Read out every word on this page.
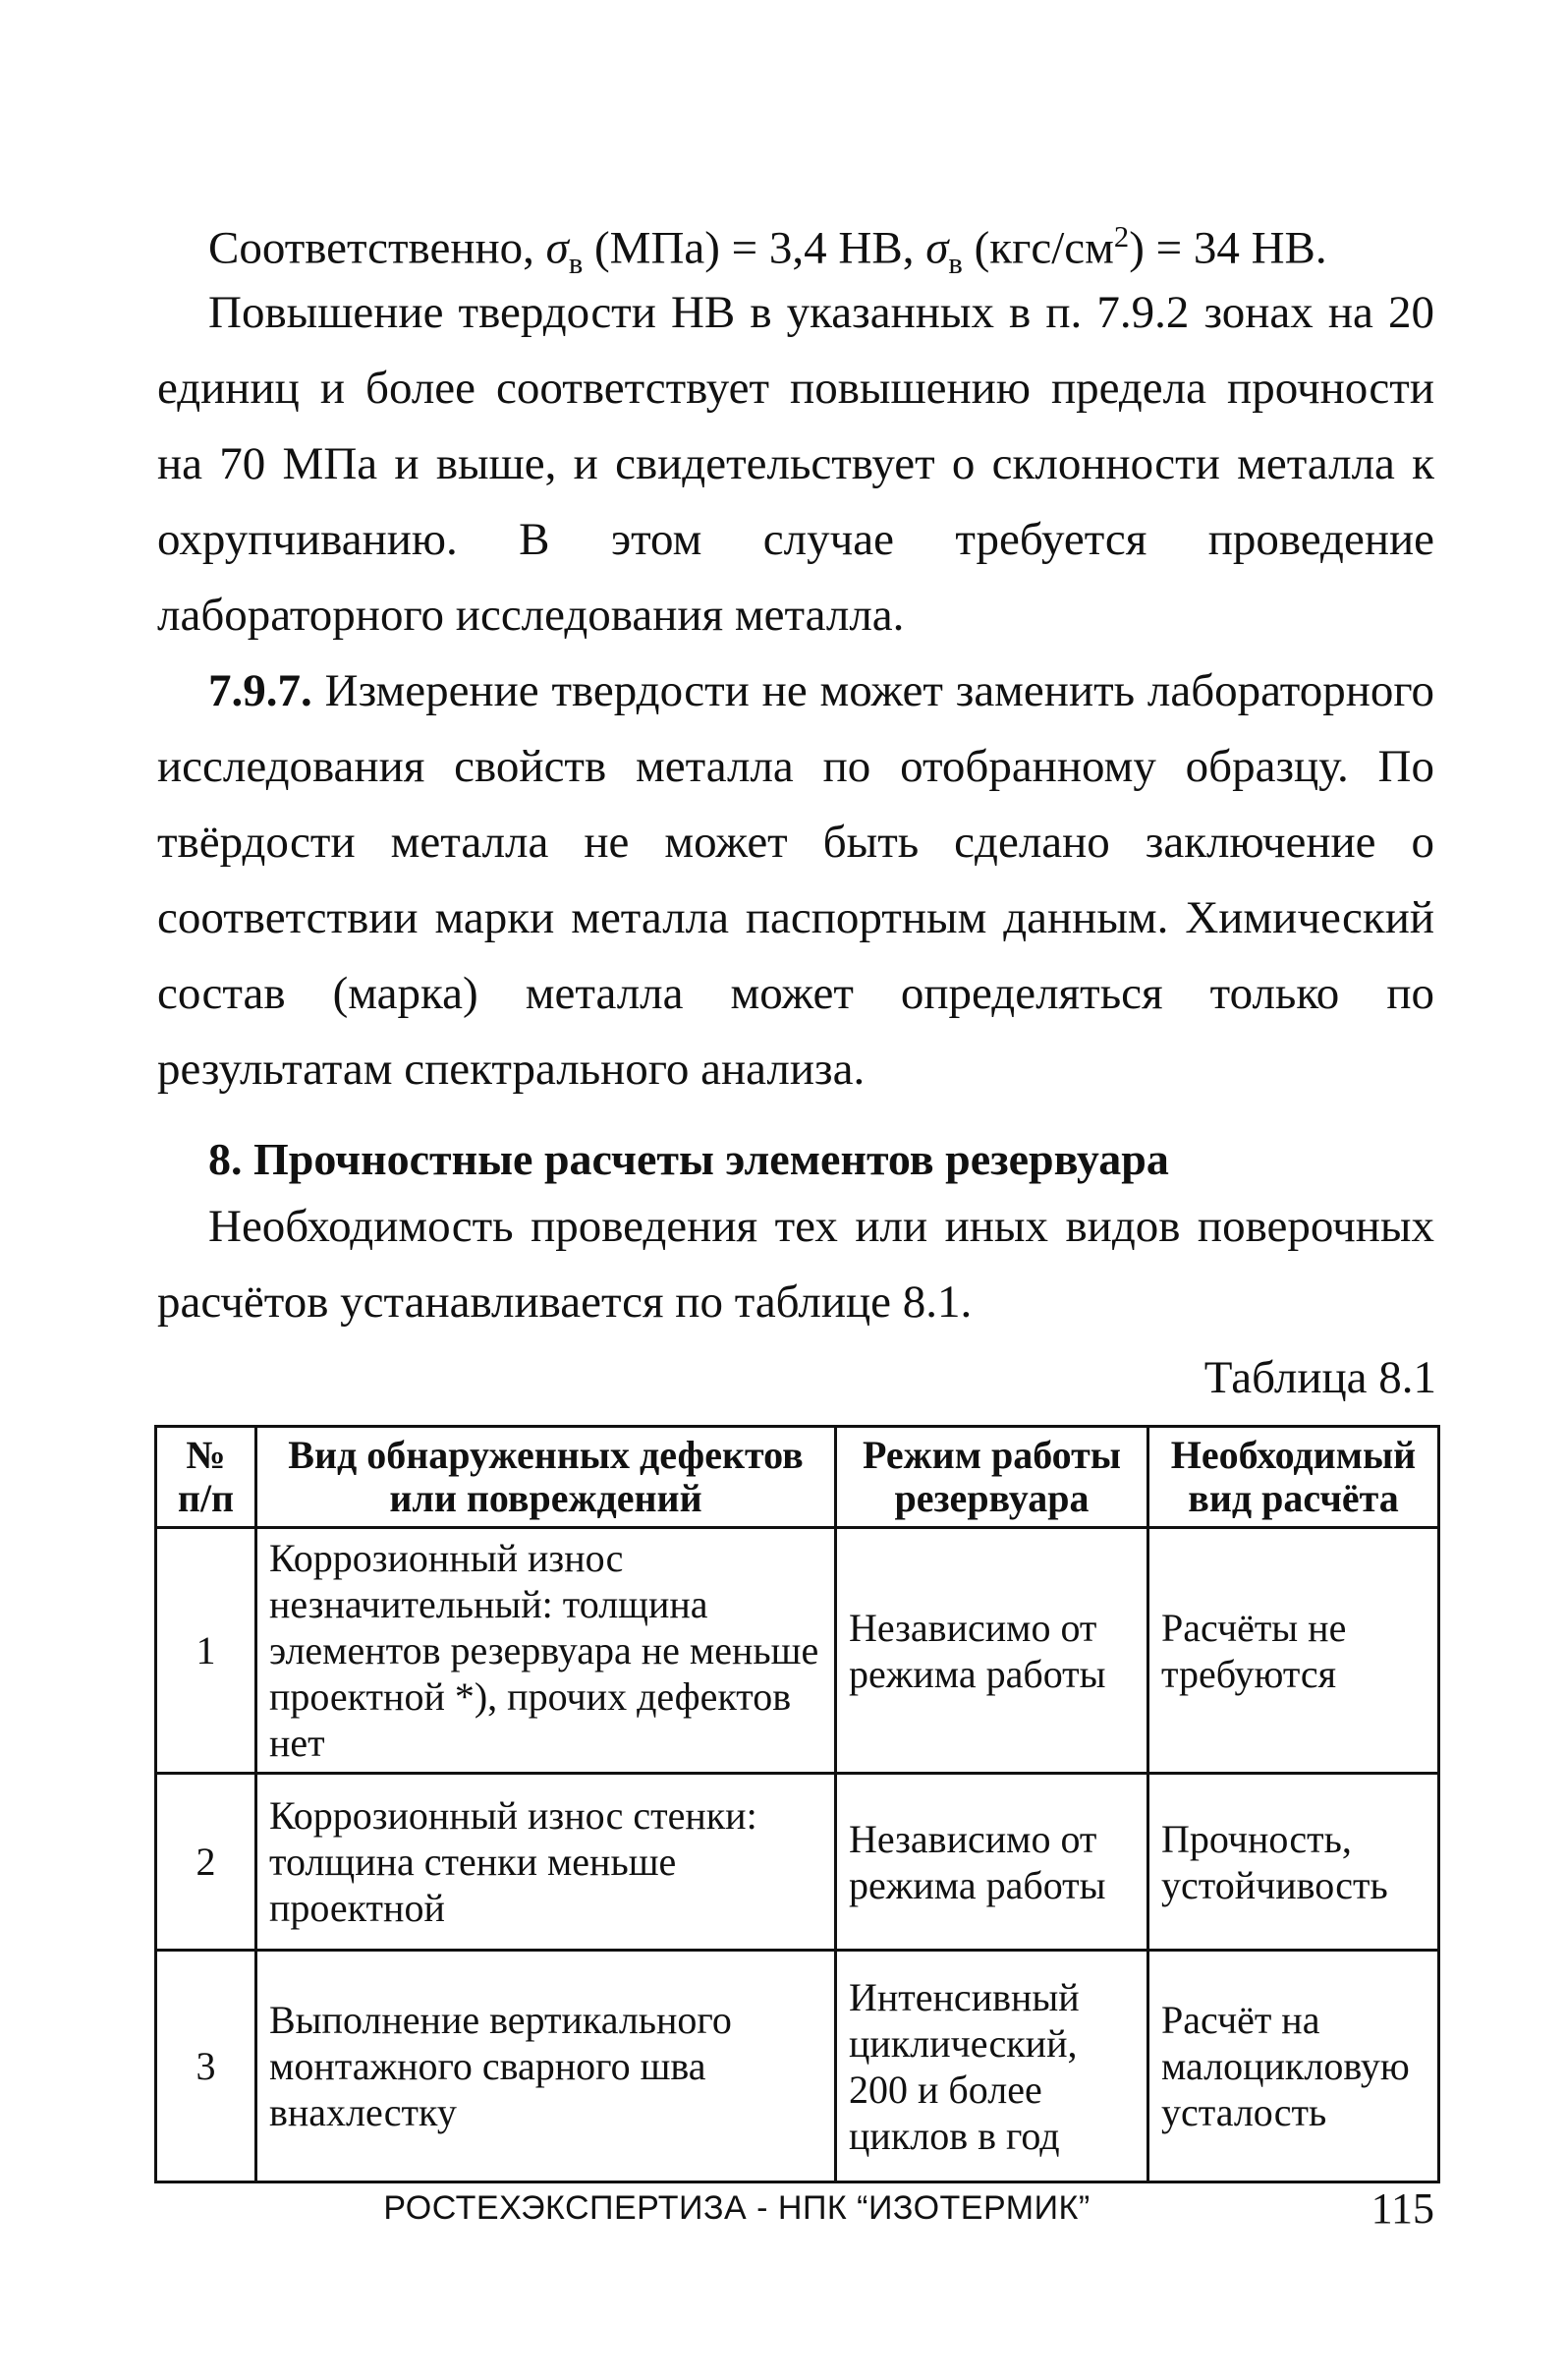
Соответственно, $\sigma_в$ (МПа) = 3,4 НВ, $\sigma_в$ $(кгс/см^2) = 34$ НВ.
Повышение твердости НВ в указанных в п. 7.9.2 зонах на 20 единиц и более соответствует повышению предела прочности на 70 МПа и выше, и свидетельствует о склонности металла к охрупчиванию. В этом случае требуется проведение лабораторного исследования металла.
7.9.7. Измерение твердости не может заменить лабораторного исследования свойств металла по отобранному образцу. По твёрдости металла не может быть сделано заключение о соответствии марки металла паспортным данным. Химический состав (марка) металла может определяться только по результатам спектрального анализа.
8. Прочностные расчеты элементов резервуара
Необходимость проведения тех или иных видов поверочных расчётов устанавливается по таблице 8.1.
Таблица 8.1
№ п/п	Вид обнаруженных дефектов или повреждений	Режим работы резервуара	Необходимый вид расчёта
1	Коррозионный износ незначительный: толщина элементов резервуара не меньше проектной *), прочих дефектов нет	Независимо от режима работы	Расчёты не требуются
2	Коррозионный износ стенки: толщина стенки меньше проектной	Независимо от режима работы	Прочность, устойчивость
3	Выполнение вертикального монтажного сварного шва внахлестку	Интенсивный циклический, 200 и более циклов в год	Расчёт на малоцикловую усталость
РОСТЕХЭКСПЕРТИЗА - НПК “ИЗОТЕРМИК”	115
